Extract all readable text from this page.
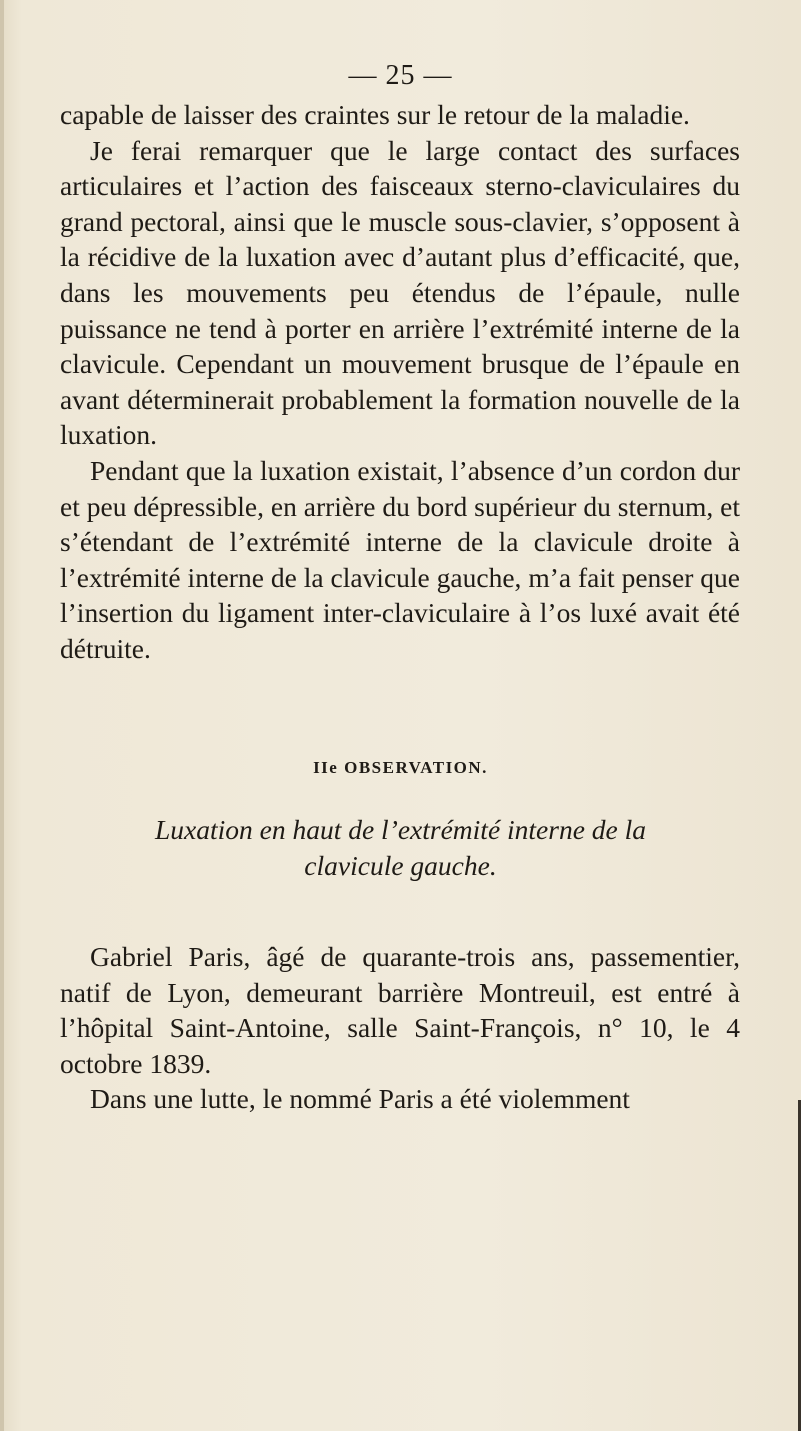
— 25 —

capable de laisser des craintes sur le retour de la maladie.

Je ferai remarquer que le large contact des surfaces articulaires et l’action des faisceaux sterno-claviculaires du grand pectoral, ainsi que le muscle sous-clavier, s’opposent à la récidive de la luxation avec d’autant plus d’efficacité, que, dans les mouvements peu étendus de l’épaule, nulle puissance ne tend à porter en arrière l’extrémité interne de la clavicule. Cependant un mouvement brusque de l’épaule en avant déterminerait probablement la formation nouvelle de la luxation.

Pendant que la luxation existait, l’absence d’un cordon dur et peu dépressible, en arrière du bord supérieur du sternum, et s’étendant de l’extrémité interne de la clavicule droite à l’extrémité interne de la clavicule gauche, m’a fait penser que l’insertion du ligament inter-claviculaire à l’os luxé avait été détruite.

IIe OBSERVATION.
Luxation en haut de l’extrémité interne de la
clavicule gauche.

Gabriel Paris, âgé de quarante-trois ans, passementier, natif de Lyon, demeurant barrière Montreuil, est entré à l’hôpital Saint-Antoine, salle Saint-François, n° 10, le 4 octobre 1839.

Dans une lutte, le nommé Paris a été violemment
